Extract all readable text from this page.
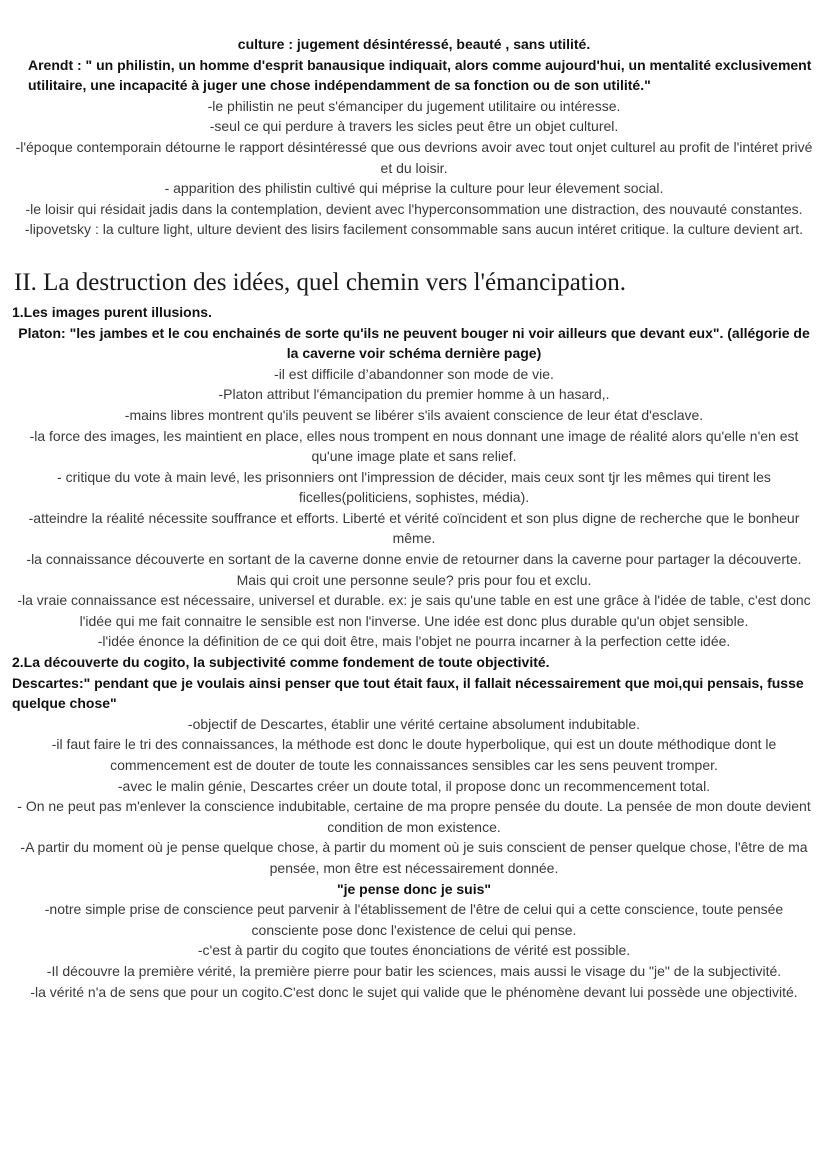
culture : jugement désintéressé, beauté , sans utilité.

Arendt : " un philistin, un homme d'esprit banausique indiquait, alors comme aujourd'hui, un mentalité exclusivement utilitaire, une incapacité à juger une chose indépendamment de sa fonction ou de son utilité."

-le philistin ne peut s'émanciper du jugement utilitaire ou intéresse.

-seul ce qui perdure à travers les sicles peut être un objet culturel.

-l'époque contemporain détourne le rapport désintéressé que ous devrions avoir avec tout onjet culturel au profit de l'intéret privé et du loisir.

- apparition des philistin cultivé qui méprise la culture pour leur élevement social.

-le loisir qui résidait jadis dans la contemplation, devient avec l'hyperconsommation une distraction, des nouvauté constantes.

-lipovetsky : la culture light, ulture devient des lisirs facilement consommable sans aucun intéret critique. la culture devient art.

II. La destruction des idées, quel chemin vers l'émancipation.

1.Les images purent illusions.

Platon: "les jambes et le cou enchainés de sorte qu'ils ne peuvent bouger ni voir ailleurs que devant eux". (allégorie de la caverne voir schéma dernière page)

-il est difficile d’abandonner son mode de vie.

-Platon attribut l'émancipation du premier homme à un hasard,.

-mains libres montrent qu'ils peuvent se libérer s'ils avaient conscience de leur état d'esclave.

-la force des images, les maintient en place, elles nous trompent en nous donnant une image de réalité alors qu'elle n'en est qu'une image plate et sans relief.

- critique du vote à main levé, les prisonniers ont l'impression de décider, mais ceux sont tjr les mêmes qui tirent les ficelles(politiciens, sophistes, média).

-atteindre la réalité nécessite souffrance et efforts. Liberté et vérité coïncident et son plus digne de recherche que le bonheur même.

-la connaissance découverte en sortant de la caverne donne envie de retourner dans la caverne pour partager la découverte. Mais qui croit une personne seule? pris pour fou et exclu.

-la vraie connaissance est nécessaire, universel et durable. ex: je sais qu'une table en est une grâce à l'idée de table, c'est donc l'idée qui me fait connaitre le sensible est non l'inverse. Une idée est donc plus durable qu'un objet sensible.

-l'idée énonce la définition de ce qui doit être, mais l'objet ne pourra incarner à la perfection cette idée.

2.La découverte du cogito, la subjectivité comme fondement de toute objectivité.

Descartes:" pendant que je voulais ainsi penser que tout était faux, il fallait nécessairement que moi,qui pensais, fusse quelque chose"

-objectif de Descartes, établir une vérité certaine absolument indubitable.

-il faut faire le tri des connaissances, la méthode est donc le doute hyperbolique, qui est un doute méthodique dont le commencement est de douter de toute les connaissances sensibles car les sens peuvent tromper.

-avec le malin génie, Descartes créer un doute total, il propose donc un recommencement total.

- On ne peut pas m'enlever la conscience indubitable, certaine de ma propre pensée du doute. La pensée de mon doute devient condition de mon existence.

-A partir du moment où je pense quelque chose, à partir du moment où je suis conscient de penser quelque chose, l'être de ma pensée, mon être est nécessairement donnée.

"je pense donc je suis"

-notre simple prise de conscience peut parvenir à l'établissement de l'être de celui qui a cette conscience, toute pensée consciente pose donc l'existence de celui qui pense.

-c'est à partir du cogito que toutes énonciations de vérité est possible.

-Il découvre la première vérité, la première pierre pour batir les sciences, mais aussi le visage du "je" de la subjectivité.

-la vérité n'a de sens que pour un cogito.C'est donc le sujet qui valide que le phénomène devant lui possède une objectivité.
